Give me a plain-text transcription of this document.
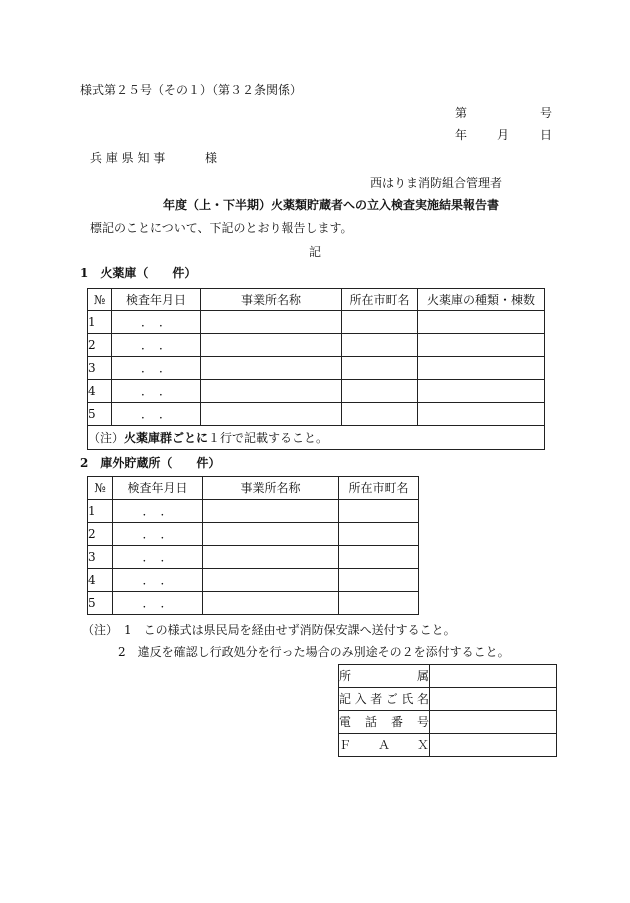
様式第２５号（その１）（第３２条関係）
第	号
年 月	日
兵 庫 県 知 事	様
西はりま消防組合管理者
年度（上・下半期）火薬類貯蔵者への立入検査実施結果報告書
標記のことについて、下記のとおり報告します。
記
1　火薬庫（　　件）
№	検査年月日	事業所名称	所在市町名	火薬庫の種類・棟数
1	．　．			
2	．　．			
3	．　．			
4	．　．			
5	．　．			
（注）火薬庫群ごとに１行で記載すること。				
2　庫外貯蔵所（　　件）
№	検査年月日	事業所名称	所在市町名
1	．　．		
2	．　．		
3	．　．		
4	．　．		
5	．　．		
（注）　1　この様式は県民局を経由せず消防保安課へ送付すること。
2　違反を確認し行政処分を行った場合のみ別途その２を添付すること。
所属	
記入者ご氏名	
電話番号	
ＦＡＸ	
